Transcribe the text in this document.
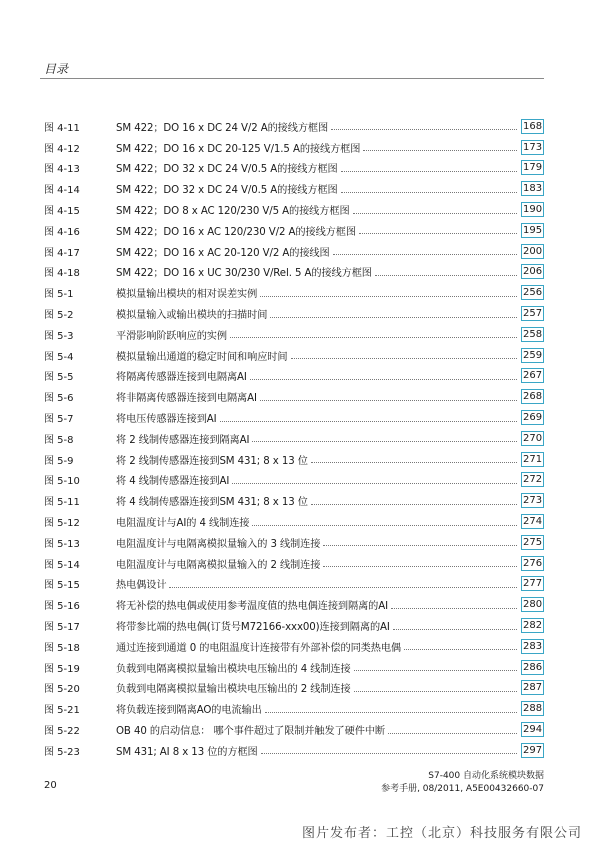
目录
图 4-11	SM 422；DO 16 x DC 24 V/2 A的接线方框图	168
图 4-12	SM 422；DO 16 x DC 20-125 V/1.5 A的接线方框图	173
图 4-13	SM 422；DO 32 x DC 24 V/0.5 A的接线方框图	179
图 4-14	SM 422；DO 32 x DC 24 V/0.5 A的接线方框图	183
图 4-15	SM 422；DO 8 x AC 120/230 V/5 A的接线方框图	190
图 4-16	SM 422；DO 16 x AC 120/230 V/2 A的接线方框图	195
图 4-17	SM 422；DO 16 x AC 20-120 V/2 A的接线图	200
图 4-18	SM 422；DO 16 x UC 30/230 V/Rel. 5 A的接线方框图	206
图 5-1	模拟量输出模块的相对误差实例	256
图 5-2	模拟量输入或输出模块的扫描时间	257
图 5-3	平滑影响阶跃响应的实例	258
图 5-4	模拟量输出通道的稳定时间和响应时间	259
图 5-5	将隔离传感器连接到电隔离AI	267
图 5-6	将非隔离传感器连接到电隔离AI	268
图 5-7	将电压传感器连接到AI	269
图 5-8	将 2 线制传感器连接到隔离AI	270
图 5-9	将 2 线制传感器连接到SM 431; 8 x 13 位	271
图 5-10	将 4 线制传感器连接到AI	272
图 5-11	将 4 线制传感器连接到SM 431; 8 x 13 位	273
图 5-12	电阻温度计与AI的 4 线制连接	274
图 5-13	电阻温度计与电隔离模拟量输入的 3 线制连接	275
图 5-14	电阻温度计与电隔离模拟量输入的 2 线制连接	276
图 5-15	热电偶设计	277
图 5-16	将无补偿的热电偶或使用参考温度值的热电偶连接到隔离的AI	280
图 5-17	将带参比端的热电偶(订货号M72166-xxx00)连接到隔离的AI	282
图 5-18	通过连接到通道 0 的电阻温度计连接带有外部补偿的同类热电偶	283
图 5-19	负载到电隔离模拟量输出模块电压输出的 4 线制连接	286
图 5-20	负载到电隔离模拟量输出模块电压输出的 2 线制连接	287
图 5-21	将负载连接到隔离AO的电流输出	288
图 5-22	OB 40 的启动信息： 哪个事件超过了限制并触发了硬件中断	294
图 5-23	SM 431; AI 8 x 13 位的方框图	297
20
S7-400 自动化系统模块数据
参考手册, 08/2011, A5E00432660-07
图片发布者：工控（北京）科技服务有限公司
